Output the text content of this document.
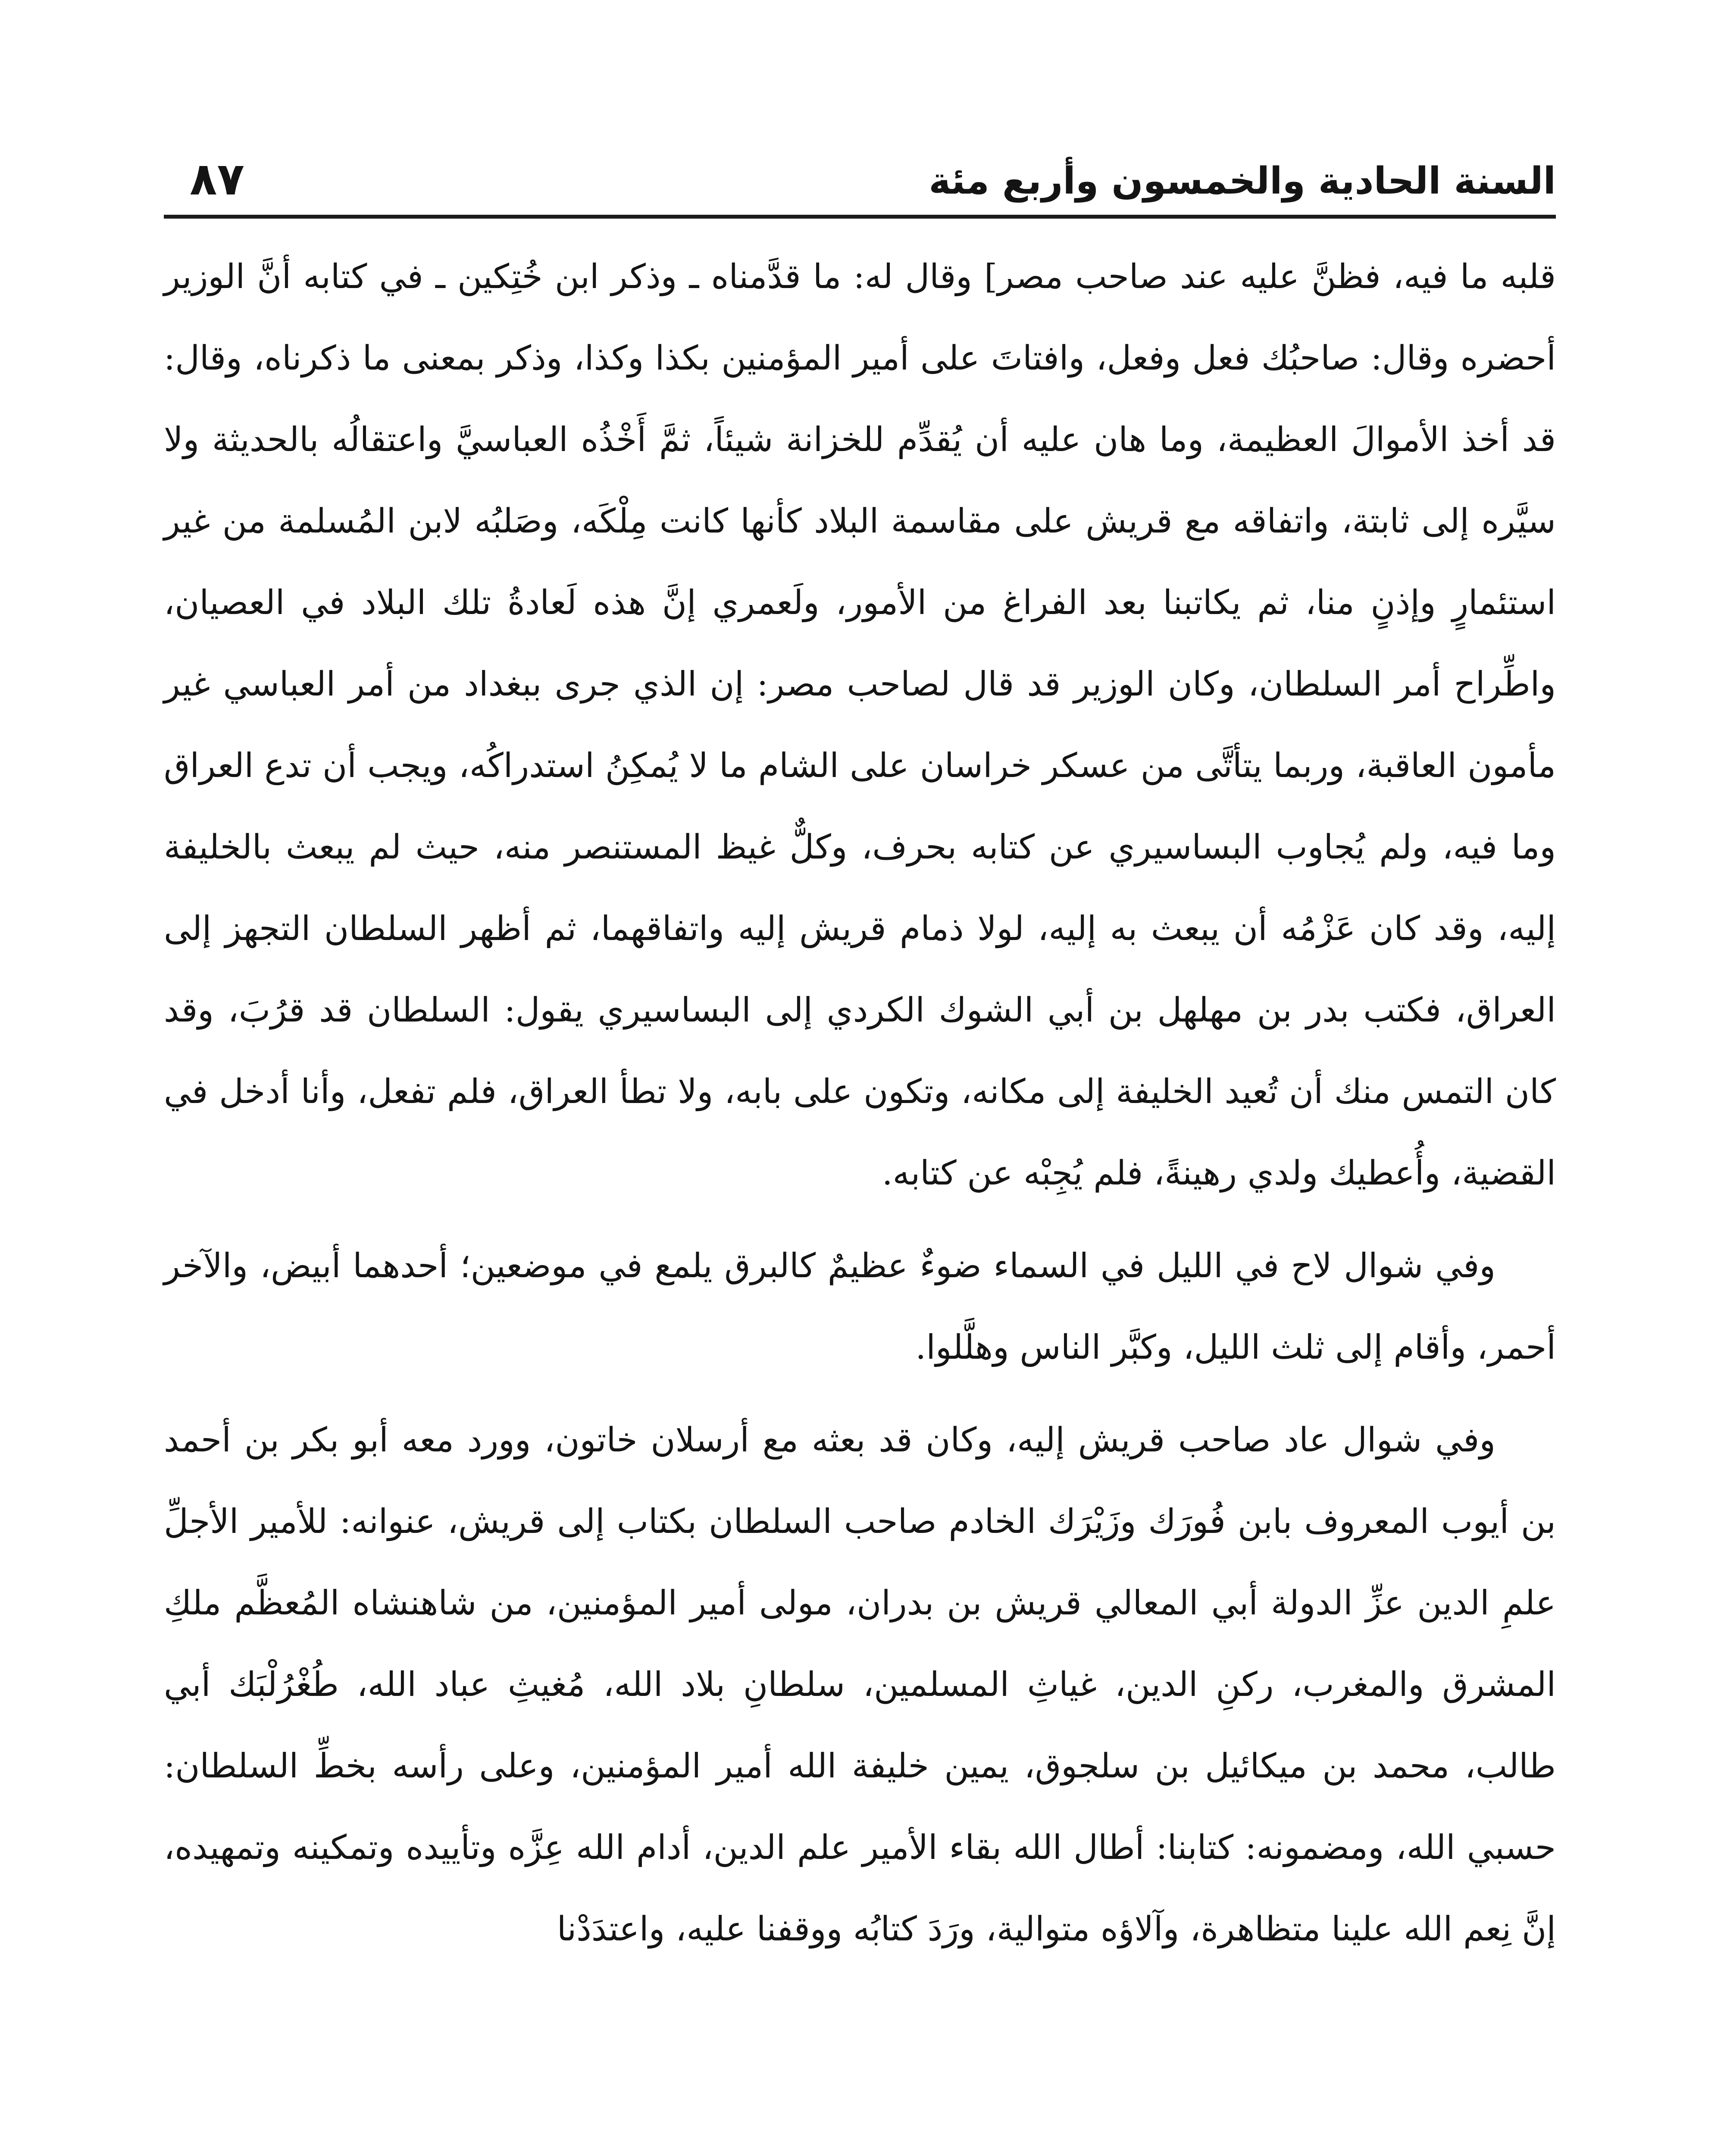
السنة الحادية والخمسون وأربع مئة
٨٧

قلبه ما فيه، فظنَّ عليه عند صاحب مصر] وقال له: ما قدَّمناه ـ وذكر ابن خُتِكين ـ في كتابه أنَّ الوزير أحضره وقال: صاحبُك فعل وفعل، وافتاتَ على أمير المؤمنين بكذا وكذا، وذكر بمعنى ما ذكرناه، وقال: قد أخذ الأموالَ العظيمة، وما هان عليه أن يُقدِّم للخزانة شيئاً، ثمَّ أَخْذُه العباسيَّ واعتقالُه بالحديثة ولا سيَّره إلى ثابتة، واتفاقه مع قريش على مقاسمة البلاد كأنها كانت مِلْكَه، وصَلبُه لابن المُسلمة من غير استئمارٍ وإذنٍ منا، ثم يكاتبنا بعد الفراغ من الأمور، ولَعمري إنَّ هذه لَعادةُ تلك البلاد في العصيان، واطِّراح أمر السلطان، وكان الوزير قد قال لصاحب مصر: إن الذي جرى ببغداد من أمر العباسي غير مأمون العاقبة، وربما يتأتَّى من عسكر خراسان على الشام ما لا يُمكِنُ استدراكُه، ويجب أن تدع العراق وما فيه، ولم يُجاوب البساسيري عن كتابه بحرف، وكلٌّ غيظ المستنصر منه، حيث لم يبعث بالخليفة إليه، وقد كان عَزْمُه أن يبعث به إليه، لولا ذمام قريش إليه واتفاقهما، ثم أظهر السلطان التجهز إلى العراق، فكتب بدر بن مهلهل بن أبي الشوك الكردي إلى البساسيري يقول: السلطان قد قرُبَ، وقد كان التمس منك أن تُعيد الخليفة إلى مكانه، وتكون على بابه، ولا تطأ العراق، فلم تفعل، وأنا أدخل في القضية، وأُعطيك ولدي رهينةً، فلم يُجِبْه عن كتابه.

وفي شوال لاح في الليل في السماء ضوءٌ عظيمٌ كالبرق يلمع في موضعين؛ أحدهما أبيض، والآخر أحمر، وأقام إلى ثلث الليل، وكبَّر الناس وهلَّلوا.

وفي شوال عاد صاحب قريش إليه، وكان قد بعثه مع أرسلان خاتون، وورد معه أبو بكر بن أحمد بن أيوب المعروف بابن فُورَك وزَيْرَك الخادم صاحب السلطان بكتاب إلى قريش، عنوانه: للأمير الأجلِّ علمِ الدين عزِّ الدولة أبي المعالي قريش بن بدران، مولى أمير المؤمنين، من شاهنشاه المُعظَّم ملكِ المشرق والمغرب، ركنِ الدين، غياثِ المسلمين، سلطانِ بلاد الله، مُغيثِ عباد الله، طُغْرُلْبَك أبي طالب، محمد بن ميكائيل بن سلجوق، يمين خليفة الله أمير المؤمنين، وعلى رأسه بخطِّ السلطان: حسبي الله، ومضمونه: كتابنا: أطال الله بقاء الأمير علم الدين، أدام الله عِزَّه وتأييده وتمكينه وتمهيده، إنَّ نِعم الله علينا متظاهرة، وآلاؤه متوالية، ورَدَ كتابُه ووقفنا عليه، واعتدَدْنا
